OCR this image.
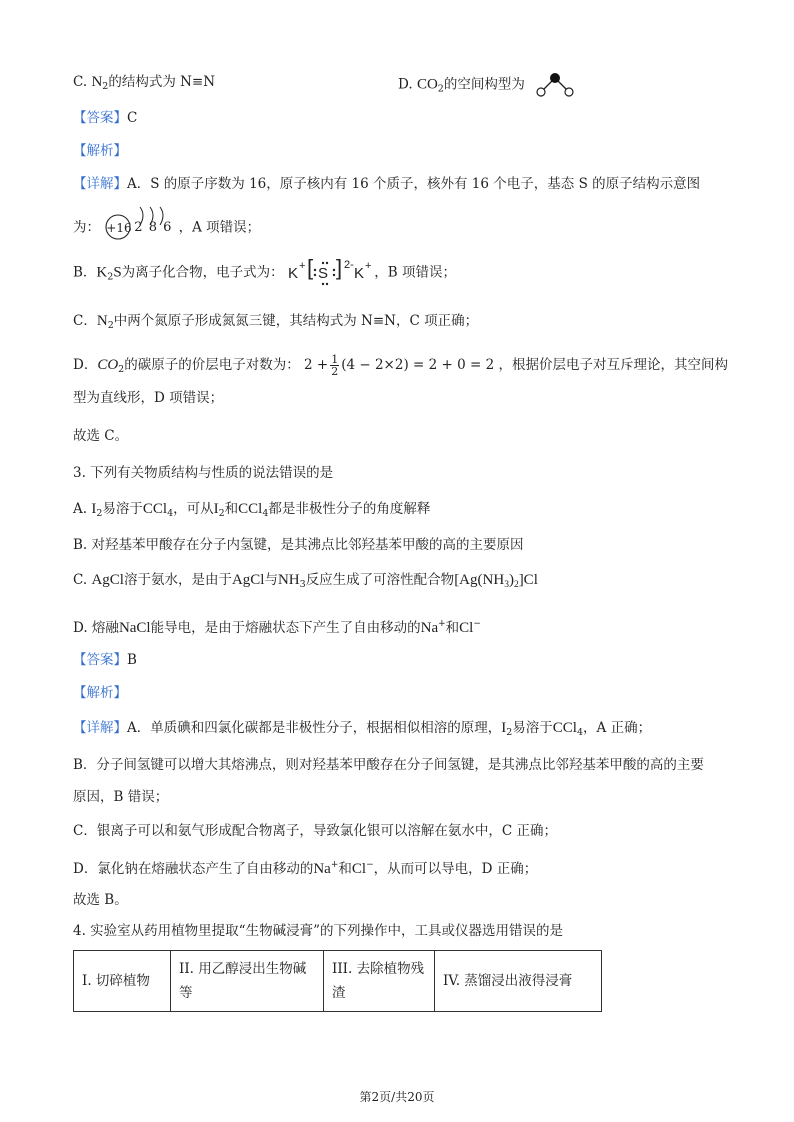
C. $N_2$的结构式为 N≡N	D. $CO_2$的空间构型为
【答案】C
【解析】
【详解】A．S 的原子序数为 16，原子核内有 16 个质子，核外有 16 个电子，基态 S 的原子结构示意图
为： +16 2 8 6 ，A 项错误；
B．$K_2S$为离子化合物，电子式为： K + [ S ] 2- K + ，B 项错误；
C．$N_2$中两个氮原子形成氮氮三键，其结构式为 N≡N，C 项正确；
D．$CO_2$的碳原子的价层电子对数为： $2 + \frac{1}{2} (4 - 2\times 2) = 2 + 0 = 2$ ，根据价层电子对互斥理论，其空间构
型为直线形，D 项错误；
故选 C。
3. 下列有关物质结构与性质的说法错误的是
A. $I_2$易溶于CCl$_4$，可从$I_2$和CCl$_4$都是非极性分子的角度解释
B. 对羟基苯甲酸存在分子内氢键，是其沸点比邻羟基苯甲酸的高的主要原因
C. AgCl溶于氨水，是由于AgCl与$NH_3$反应生成了可溶性配合物$[Ag(NH_3)_2]Cl$
D. 熔融NaCl能导电，是由于熔融状态下产生了自由移动的Na+和Cl−
【答案】B
【解析】
【详解】A．单质碘和四氯化碳都是非极性分子，根据相似相溶的原理，$I_2$易溶于CCl$_4$，A 正确；
B．分子间氢键可以增大其熔沸点，则对羟基苯甲酸存在分子间氢键，是其沸点比邻羟基苯甲酸的高的主要
原因，B 错误；
C．银离子可以和氨气形成配合物离子，导致氯化银可以溶解在氨水中，C 正确；
D．氯化钠在熔融状态产生了自由移动的Na+和Cl−，从而可以导电，D 正确；
故选 B。
4. 实验室从药用植物里提取“生物碱浸膏”的下列操作中，工具或仪器选用错误的是
I. 切碎植物	II. 用乙醇浸出生物碱等	III. 去除植物残渣	IV. 蒸馏浸出液得浸膏
第2页/共20页
